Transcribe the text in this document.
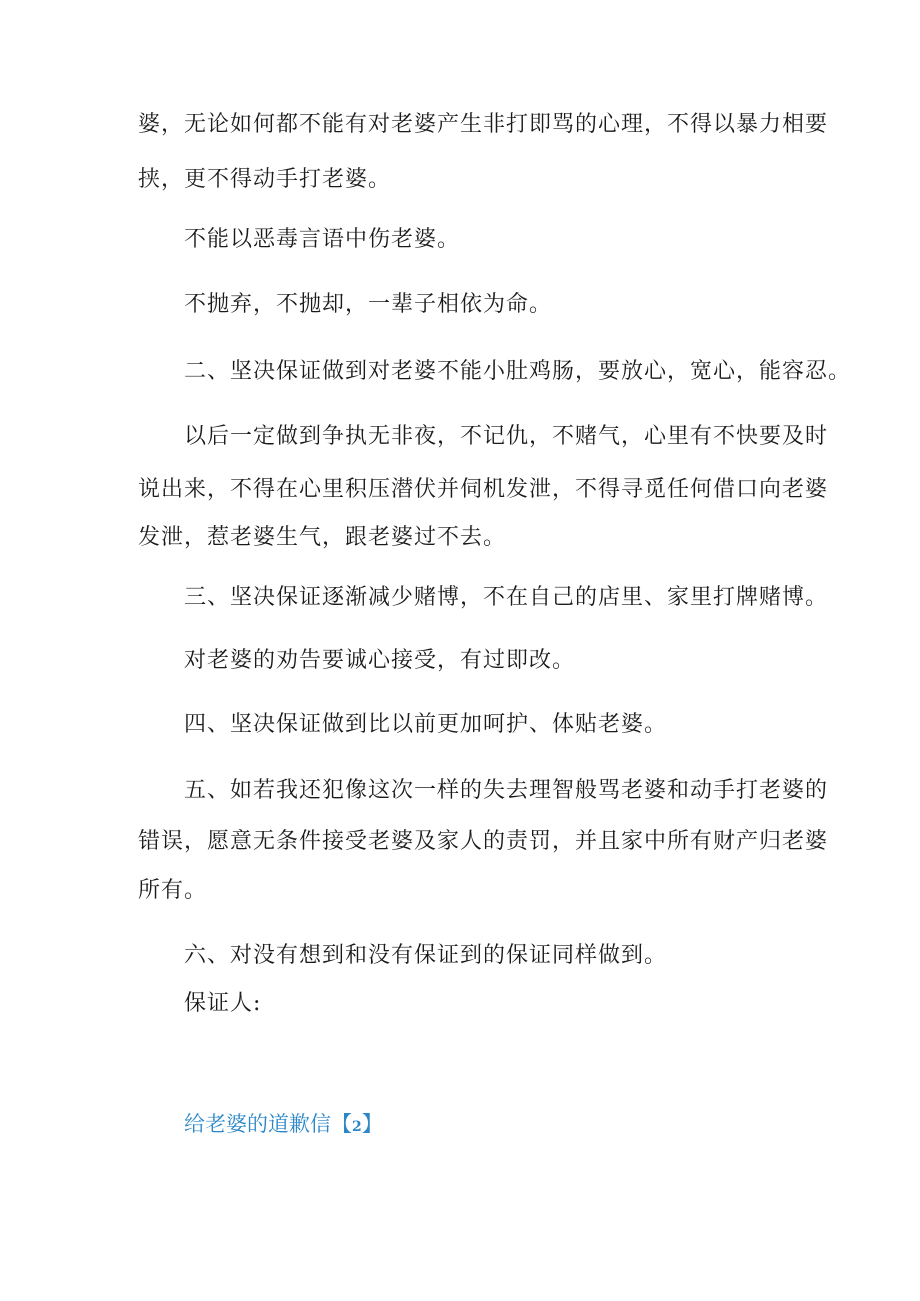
婆，无论如何都不能有对老婆产生非打即骂的心理，不得以暴力相要
挟，更不得动手打老婆。
不能以恶毒言语中伤老婆。
不抛弃，不抛却，一辈子相依为命。
二、坚决保证做到对老婆不能小肚鸡肠，要放心，宽心，能容忍。
以后一定做到争执无非夜，不记仇，不赌气，心里有不快要及时
说出来，不得在心里积压潜伏并伺机发泄，不得寻觅任何借口向老婆
发泄，惹老婆生气，跟老婆过不去。
三、坚决保证逐渐减少赌博，不在自己的店里、家里打牌赌博。
对老婆的劝告要诚心接受，有过即改。
四、坚决保证做到比以前更加呵护、体贴老婆。
五、如若我还犯像这次一样的失去理智般骂老婆和动手打老婆的
错误，愿意无条件接受老婆及家人的责罚，并且家中所有财产归老婆
所有。
六、对没有想到和没有保证到的保证同样做到。
保证人:
给老婆的道歉信【2】
